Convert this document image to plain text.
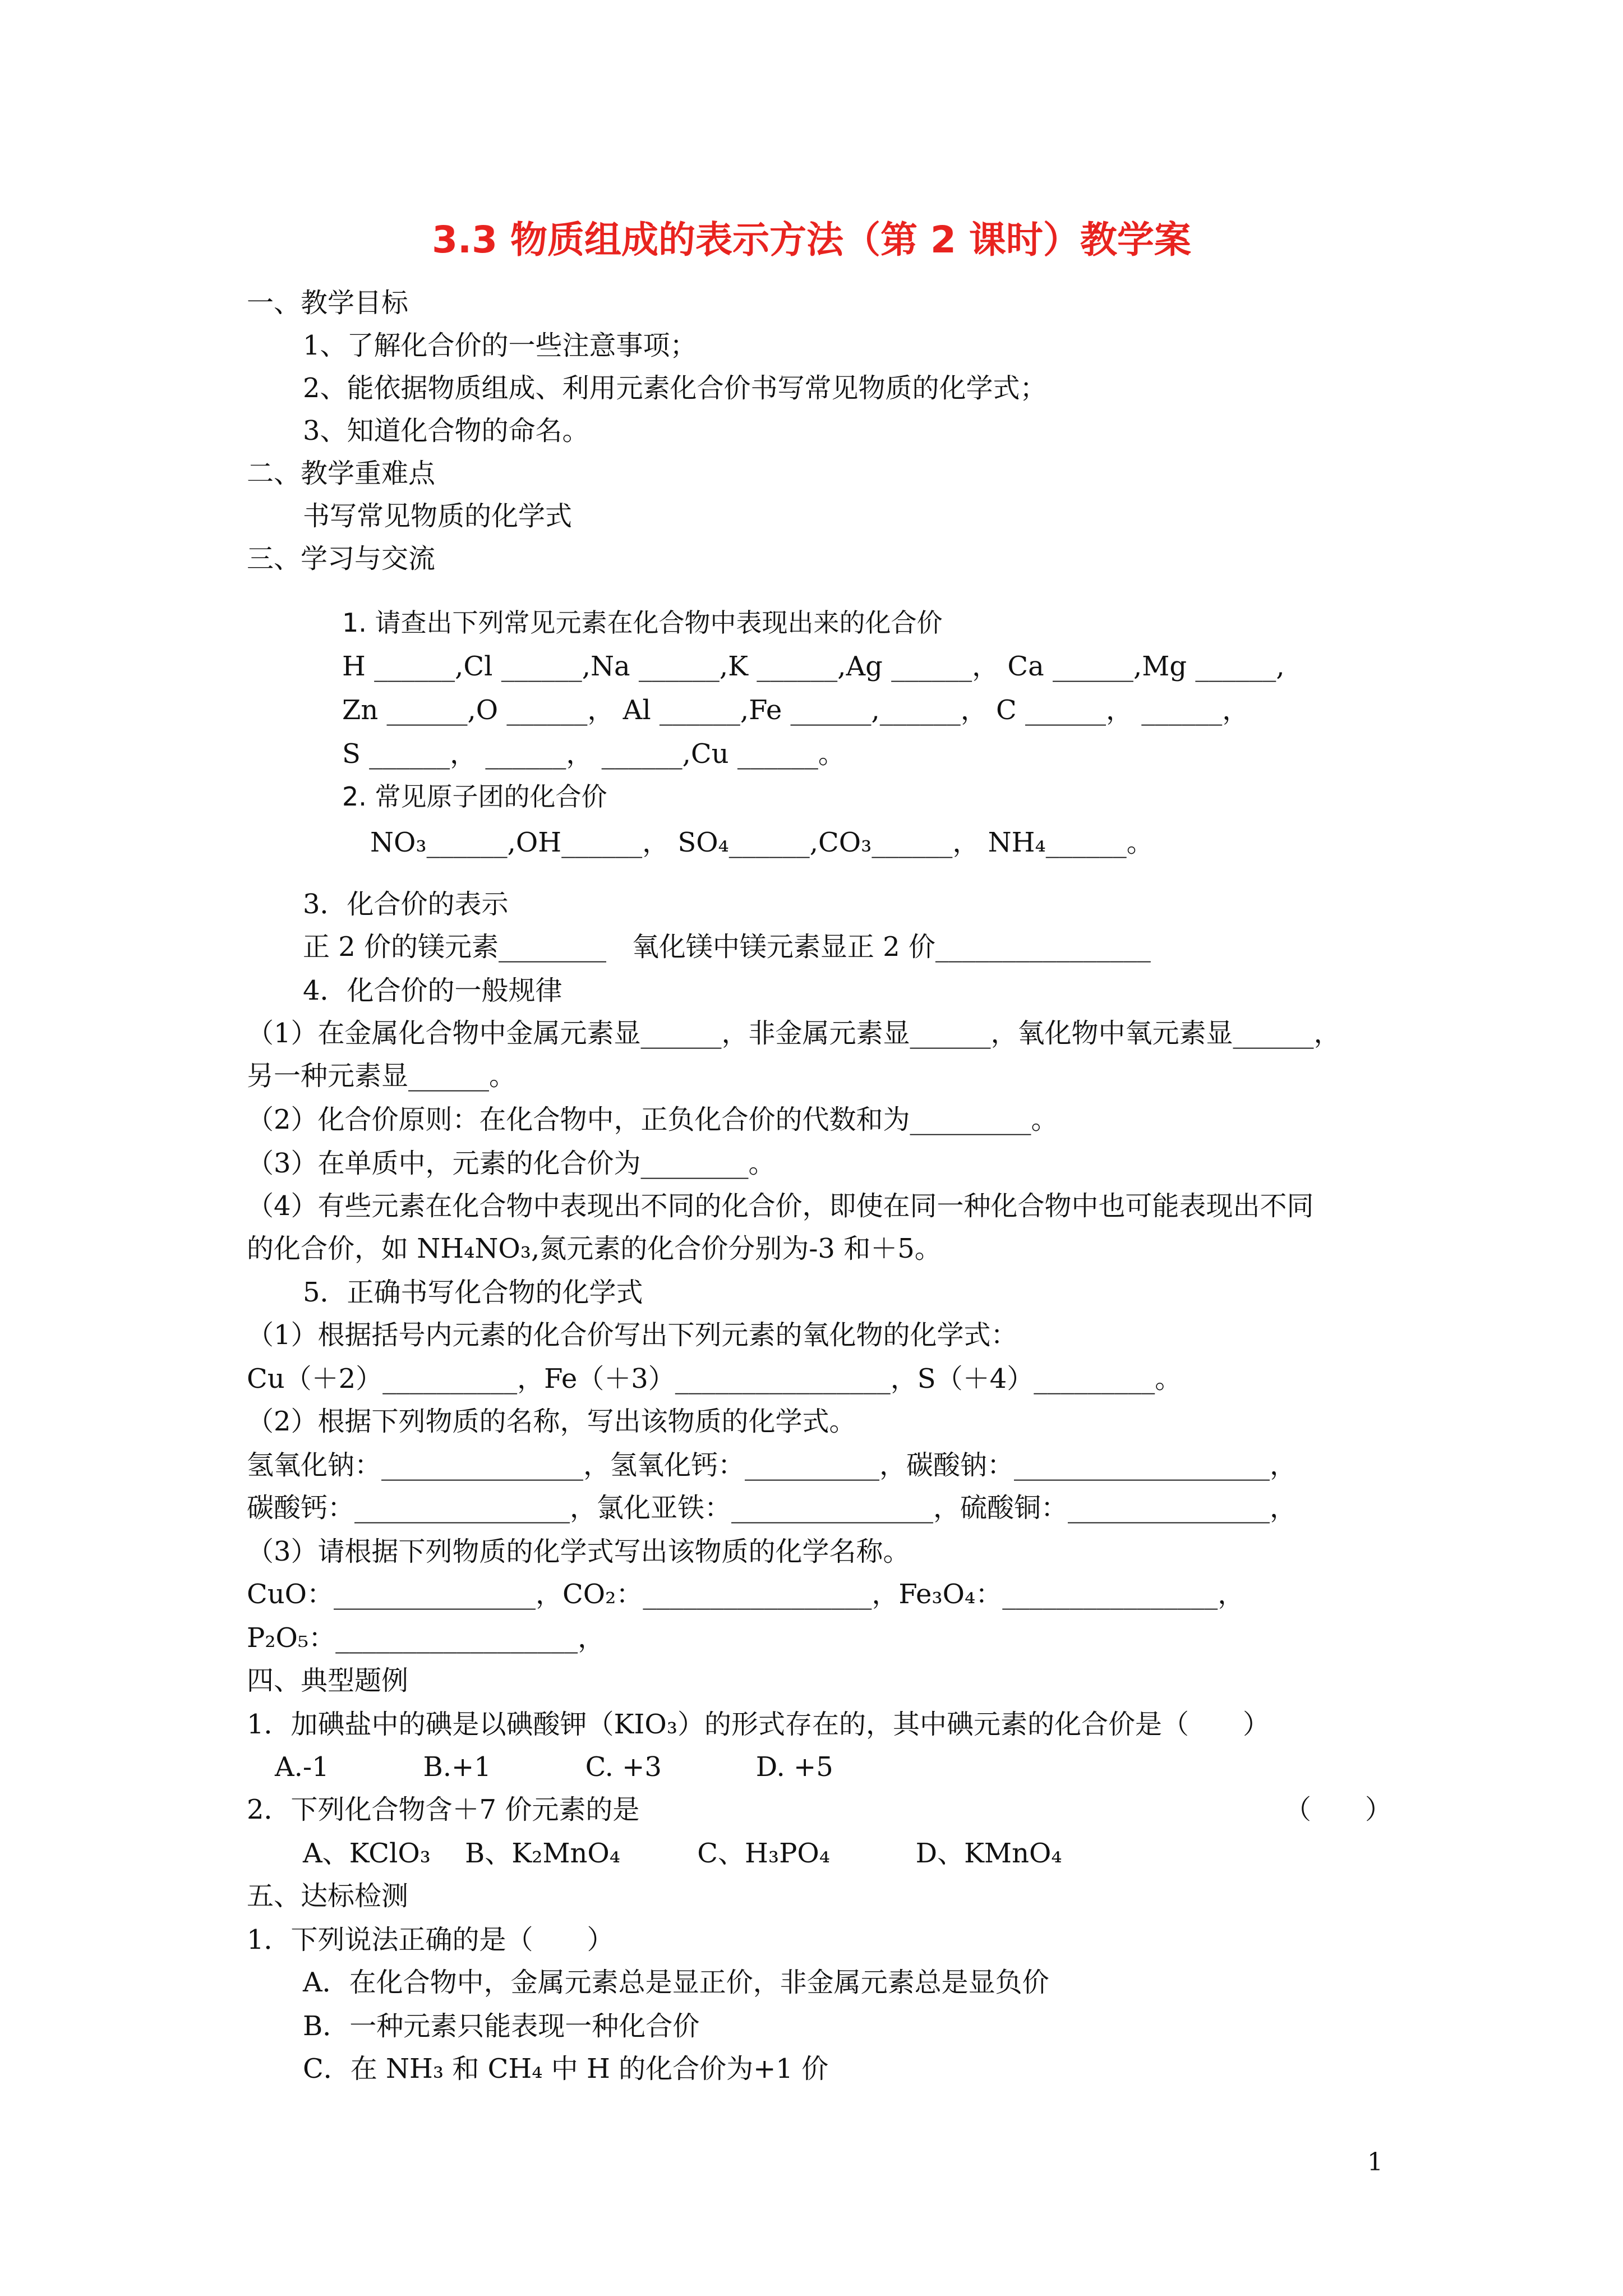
3.3 物质组成的表示方法（第 2 课时）教学案

一、教学目标

1、了解化合价的一些注意事项；

2、能依据物质组成、利用元素化合价书写常见物质的化学式；

3、知道化合物的命名。

二、教学重难点

书写常见物质的化学式

三、学习与交流

1. 请查出下列常见元素在化合物中表现出来的化合价

H ______,Cl ______,Na ______,K ______,Ag ______， Ca ______,Mg ______,

Zn ______,O ______， Al ______,Fe ______,______， C ______， ______，

S ______， ______， ______,Cu ______。

2. 常见原子团的化合价

NO₃______,OH______， SO₄______,CO₃______， NH₄______。

3．化合价的表示

正 2 价的镁元素________   氧化镁中镁元素显正 2 价________________

4．化合价的一般规律

（1）在金属化合物中金属元素显______，非金属元素显______，氧化物中氧元素显______，

另一种元素显______。

（2）化合价原则：在化合物中，正负化合价的代数和为_________。

（3）在单质中，元素的化合价为________。

（4）有些元素在化合物中表现出不同的化合价，即使在同一种化合物中也可能表现出不同

的化合价，如 NH₄NO₃,氮元素的化合价分别为-3 和＋5。

5．正确书写化合物的化学式

（1）根据括号内元素的化合价写出下列元素的氧化物的化学式：

Cu（＋2）__________，Fe（＋3）________________，S（＋4）_________。

（2）根据下列物质的名称，写出该物质的化学式。

氢氧化钠：_______________，氢氧化钙：__________，碳酸钠：___________________，

碳酸钙：________________，氯化亚铁：_______________，硫酸铜：_______________，

（3）请根据下列物质的化学式写出该物质的化学名称。

CuO：_______________，CO₂：_________________，Fe₃O₄：________________，

P₂O₅：__________________，

四、典型题例

1．加碘盐中的碘是以碘酸钾（KIO₃）的形式存在的，其中碘元素的化合价是（　　）

A.-1           B.+1           C. +3           D. +5

2．下列化合物含＋7 价元素的是	（　　）

A、KClO₃    B、K₂MnO₄         C、H₃PO₄          D、KMnO₄

五、达标检测

1．下列说法正确的是（　　）

A．在化合物中，金属元素总是显正价，非金属元素总是显负价

B．一种元素只能表现一种化合价

C．在 NH₃ 和 CH₄ 中 H 的化合价为+1 价

1
